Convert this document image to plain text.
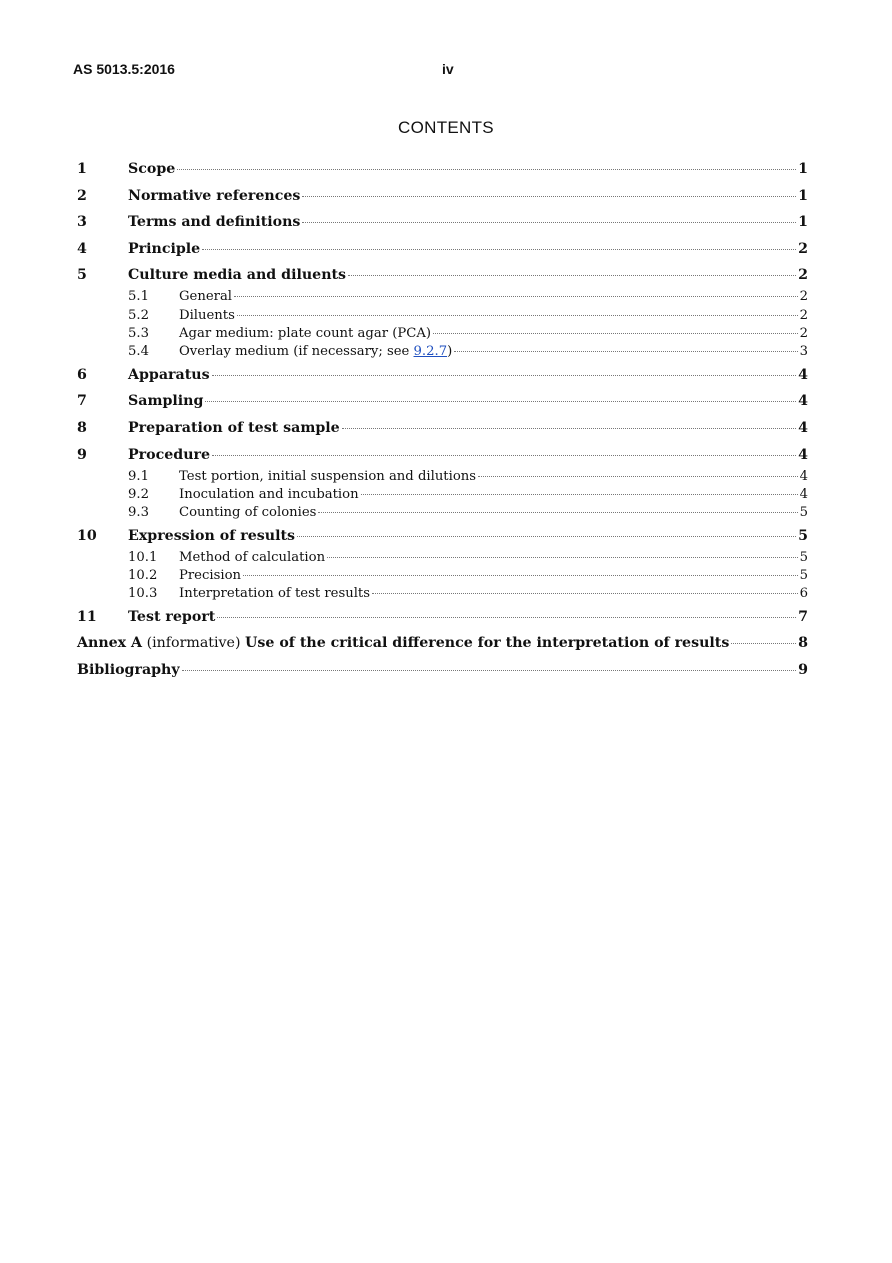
AS 5013.5:2016	iv
CONTENTS
1	Scope	1
2	Normative references	1
3	Terms and definitions	1
4	Principle	2
5	Culture media and diluents	2
5.1	General	2
5.2	Diluents	2
5.3	Agar medium: plate count agar (PCA)	2
5.4	Overlay medium (if necessary; see 9.2.7)	3
6	Apparatus	4
7	Sampling	4
8	Preparation of test sample	4
9	Procedure	4
9.1	Test portion, initial suspension and dilutions	4
9.2	Inoculation and incubation	4
9.3	Counting of colonies	5
10	Expression of results	5
10.1	Method of calculation	5
10.2	Precision	5
10.3	Interpretation of test results	6
11	Test report	7
Annex A (informative) Use of the critical difference for the interpretation of results	8
Bibliography	9
